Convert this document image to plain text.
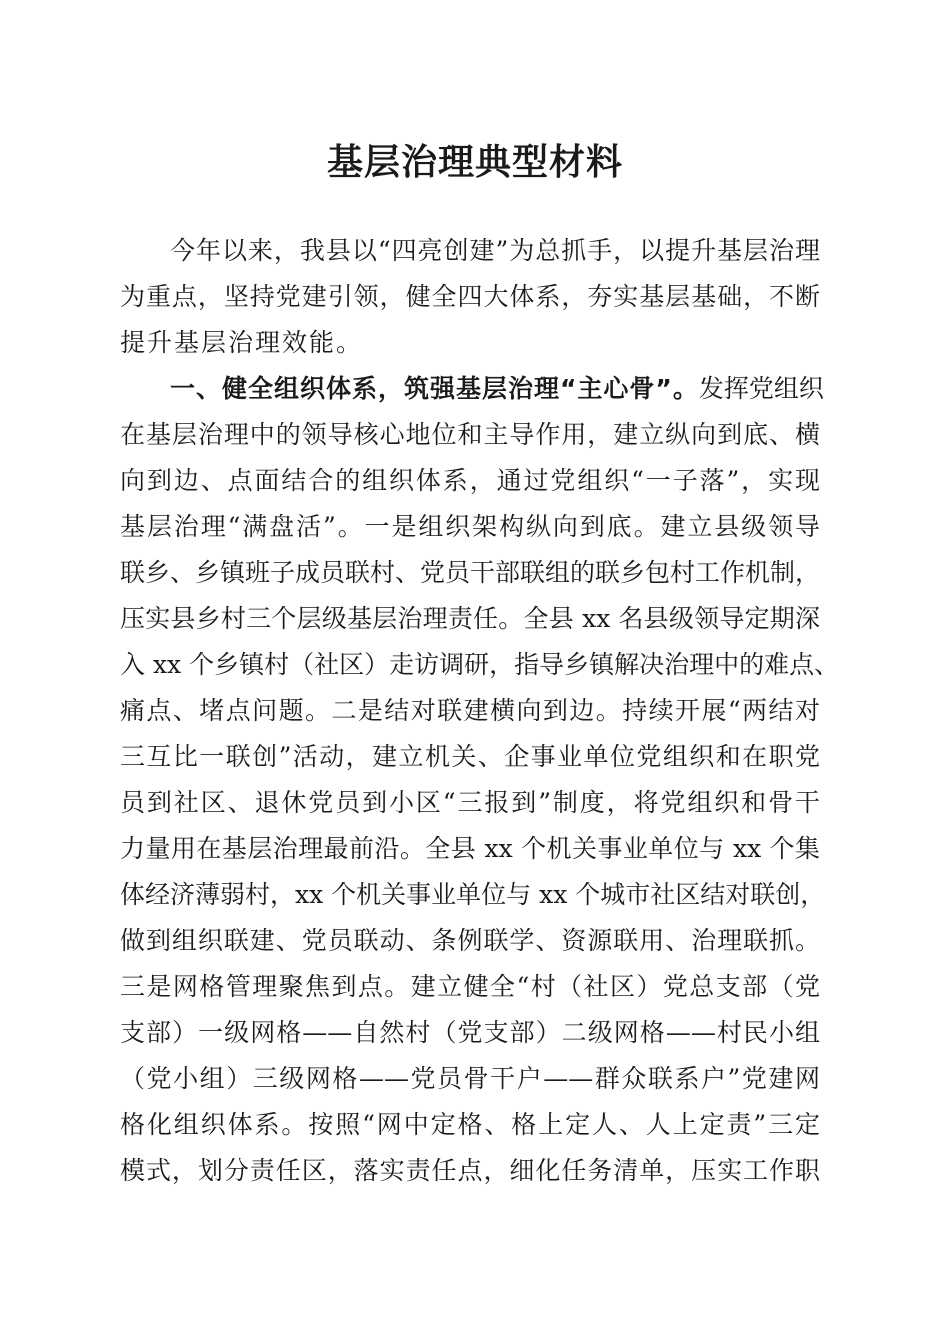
基层治理典型材料

今年以来，我县以“四亮创建”为总抓手，以提升基层治理

为重点，坚持党建引领，健全四大体系，夯实基层基础，不断

提升基层治理效能。

一、健全组织体系，筑强基层治理“主心骨”。发挥党组织

在基层治理中的领导核心地位和主导作用，建立纵向到底、横

向到边、点面结合的组织体系，通过党组织“一子落”，实现

基层治理“满盘活”。一是组织架构纵向到底。建立县级领导

联乡、乡镇班子成员联村、党员干部联组的联乡包村工作机制，

压实县乡村三个层级基层治理责任。全县 xx 名县级领导定期深

入 xx 个乡镇村（社区）走访调研，指导乡镇解决治理中的难点、

痛点、堵点问题。二是结对联建横向到边。持续开展“两结对

三互比一联创”活动，建立机关、企事业单位党组织和在职党

员到社区、退休党员到小区“三报到”制度，将党组织和骨干

力量用在基层治理最前沿。全县 xx 个机关事业单位与 xx 个集

体经济薄弱村，xx 个机关事业单位与 xx 个城市社区结对联创，

做到组织联建、党员联动、条例联学、资源联用、治理联抓。

三是网格管理聚焦到点。建立健全“村（社区）党总支部（党

支部）一级网格——自然村（党支部）二级网格——村民小组

（党小组）三级网格——党员骨干户——群众联系户”党建网

格化组织体系。按照“网中定格、格上定人、人上定责”三定

模式，划分责任区，落实责任点，细化任务清单，压实工作职
